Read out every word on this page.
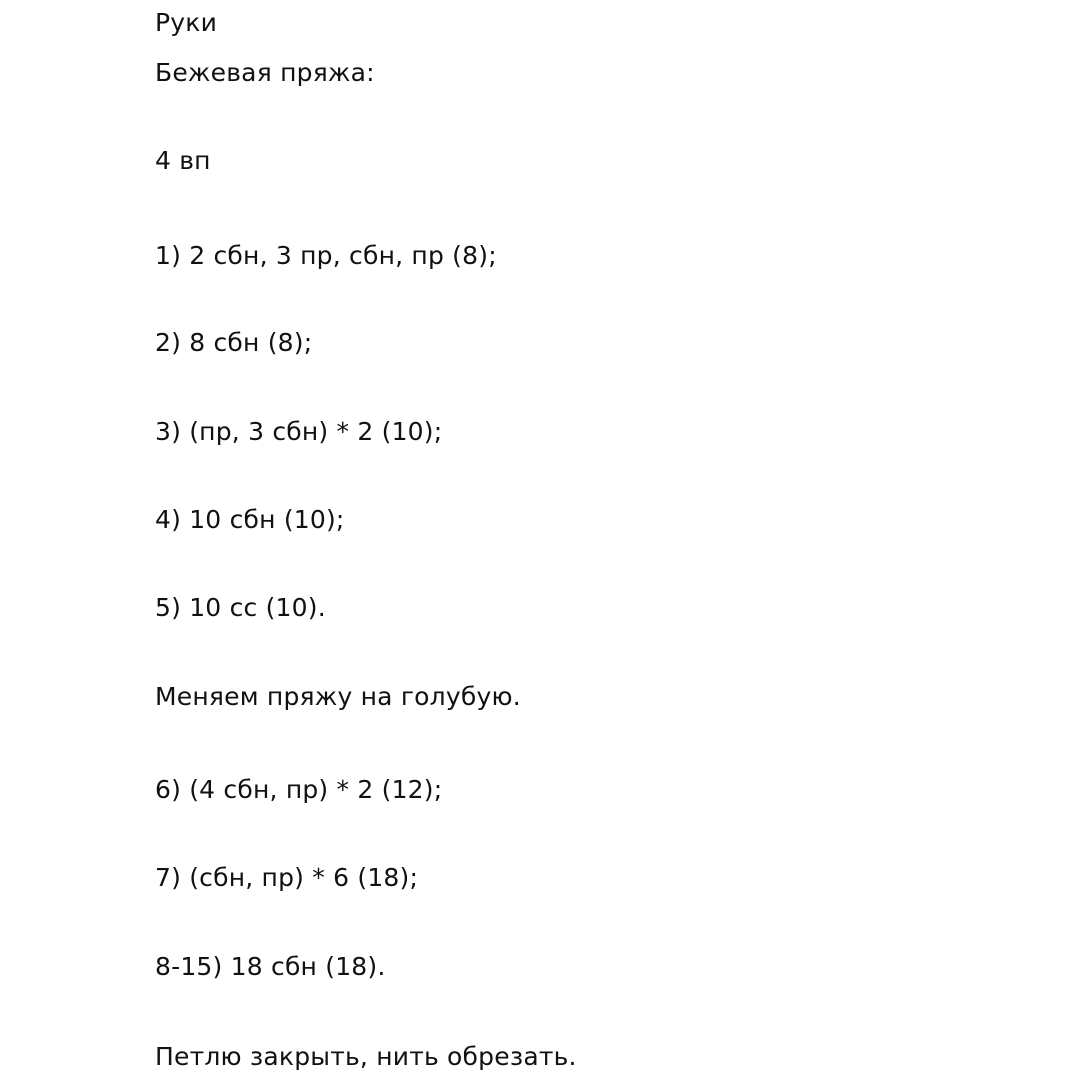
Руки

Бежевая пряжа:

4 вп

1) 2 сбн, 3 пр, сбн, пр (8);

2) 8 сбн (8);

3) (пр, 3 сбн) * 2 (10);

4) 10 сбн (10);

5) 10 сс (10).

Меняем пряжу на голубую.

6) (4 сбн, пр) * 2 (12);

7) (сбн, пр) * 6 (18);

8-15) 18 сбн (18).

Петлю закрыть, нить обрезать.
